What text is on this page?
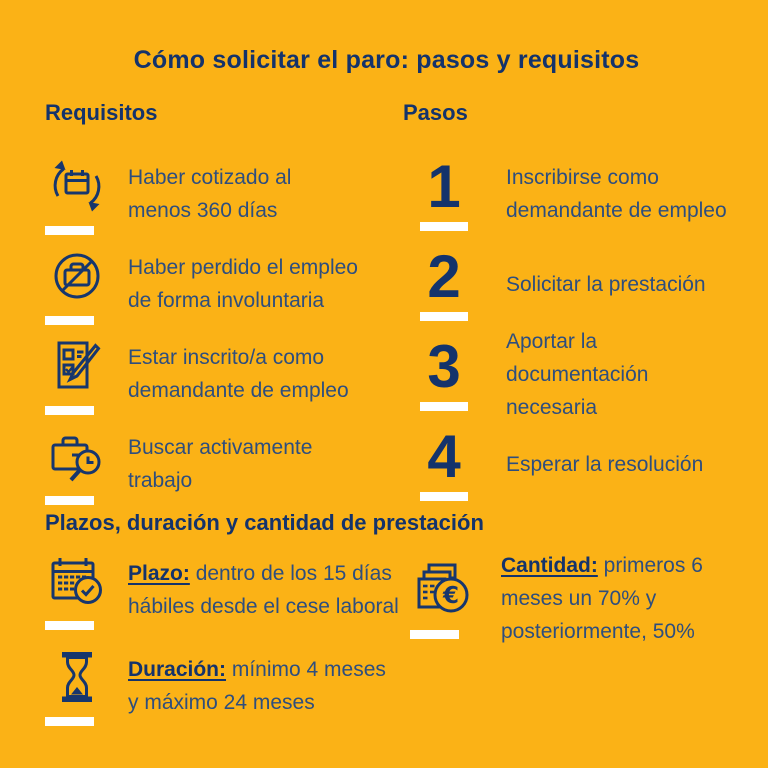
Cómo solicitar el paro: pasos y requisitos
Requisitos
Haber cotizado al
menos 360 días
Haber perdido el empleo
de forma involuntaria
Estar inscrito/a como
demandante de empleo
Buscar activamente
trabajo
Pasos
1 Inscribirse como
demandante de empleo
2 Solicitar la prestación
3 Aportar la documentación
necesaria
4 Esperar la resolución
Plazos, duración y cantidad de prestación
Plazo: dentro de los 15 días
hábiles desde el cese laboral
Duración: mínimo 4 meses
y máximo 24 meses
€
Cantidad: primeros 6
meses un 70% y
posteriormente, 50%
